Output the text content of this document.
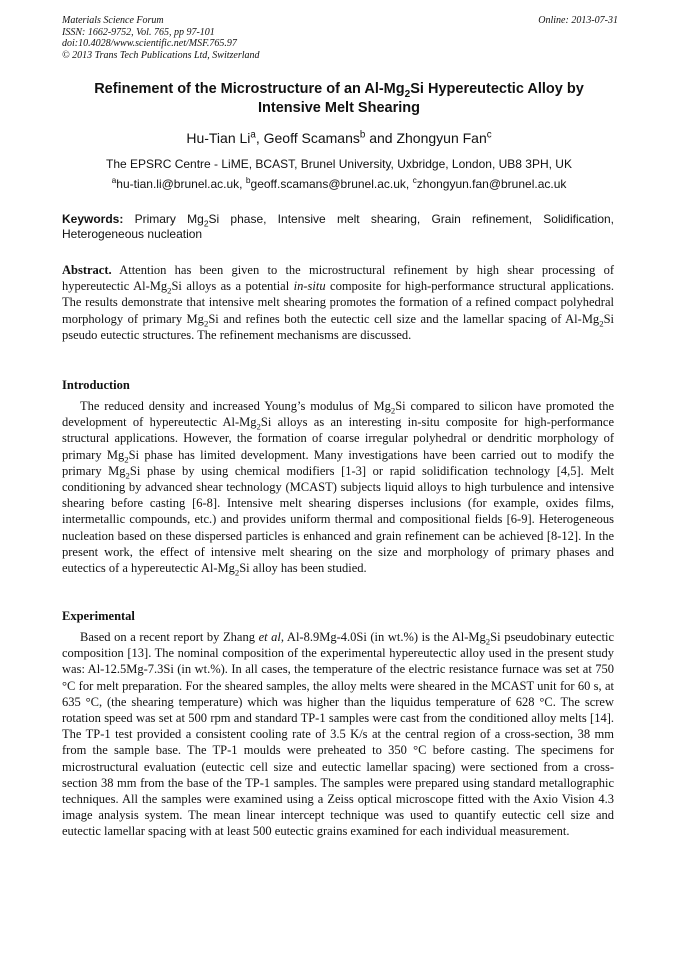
Materials Science Forum
ISSN: 1662-9752, Vol. 765, pp 97-101
doi:10.4028/www.scientific.net/MSF.765.97
© 2013 Trans Tech Publications Ltd, Switzerland
Online: 2013-07-31
Refinement of the Microstructure of an $Al-Mg_2Si$ Hypereutectic Alloy by
Intensive Melt Shearing
Hu-Tian Li$^a$, Geoff Scamans$^b$ and Zhongyun Fan$^c$
The EPSRC Centre - LiME, BCAST, Brunel University, Uxbridge, London, UB8 3PH, UK
$^a$hu-tian.li@brunel.ac.uk, $^b$geoff.scamans@brunel.ac.uk, $^c$zhongyun.fan@brunel.ac.uk
Keywords: Primary $Mg_2Si$ phase, Intensive melt shearing, Grain refinement, Solidification, Heterogeneous nucleation
Abstract. Attention has been given to the microstructural refinement by high shear processing of hypereutectic $Al-Mg_2Si$ alloys as a potential in-situ composite for high-performance structural applications. The results demonstrate that intensive melt shearing promotes the formation of a refined compact polyhedral morphology of primary $Mg_2Si$ and refines both the eutectic cell size and the lamellar spacing of $Al-Mg_2Si$ pseudo eutectic structures. The refinement mechanisms are discussed.
Introduction

The reduced density and increased Young’s modulus of $Mg_2Si$ compared to silicon have promoted the development of hypereutectic $Al-Mg_2Si$ alloys as an interesting in-situ composite for high-performance structural applications. However, the formation of coarse irregular polyhedral or dendritic morphology of primary $Mg_2Si$ phase has limited development. Many investigations have been carried out to modify the primary $Mg_2Si$ phase by using chemical modifiers [1-3] or rapid solidification technology [4,5]. Melt conditioning by advanced shear technology (MCAST) subjects liquid alloys to high turbulence and intensive shearing before casting [6-8]. Intensive melt shearing disperses inclusions (for example, oxides films, intermetallic compounds, etc.) and provides uniform thermal and compositional fields [6-9]. Heterogeneous nucleation based on these dispersed particles is enhanced and grain refinement can be achieved [8-12]. In the present work, the effect of intensive melt shearing on the size and morphology of primary phases and eutectics of a hypereutectic $Al-Mg_2Si$ alloy has been studied.

Experimental

Based on a recent report by Zhang et al, Al-8.9Mg-4.0Si (in wt.%) is the $Al-Mg_2Si$ pseudobinary eutectic composition [13]. The nominal composition of the experimental hypereutectic alloy used in the present study was: Al-12.5Mg-7.3Si (in wt.%). In all cases, the temperature of the electric resistance furnace was set at 750 °C for melt preparation. For the sheared samples, the alloy melts were sheared in the MCAST unit for 60 s, at 635 °C, (the shearing temperature) which was higher than the liquidus temperature of 628 °C. The screw rotation speed was set at 500 rpm and standard TP-1 samples were cast from the conditioned alloy melts [14]. The TP-1 test provided a consistent cooling rate of 3.5 K/s at the central region of a cross-section, 38 mm from the sample base. The TP-1 moulds were preheated to 350 °C before casting. The specimens for microstructural evaluation (eutectic cell size and eutectic lamellar spacing) were sectioned from a cross-section 38 mm from the base of the TP-1 samples. The samples were prepared using standard metallographic techniques. All the samples were examined using a Zeiss optical microscope fitted with the Axio Vision 4.3 image analysis system. The mean linear intercept technique was used to quantify eutectic cell size and eutectic lamellar spacing with at least 500 eutectic grains examined for each individual measurement.
